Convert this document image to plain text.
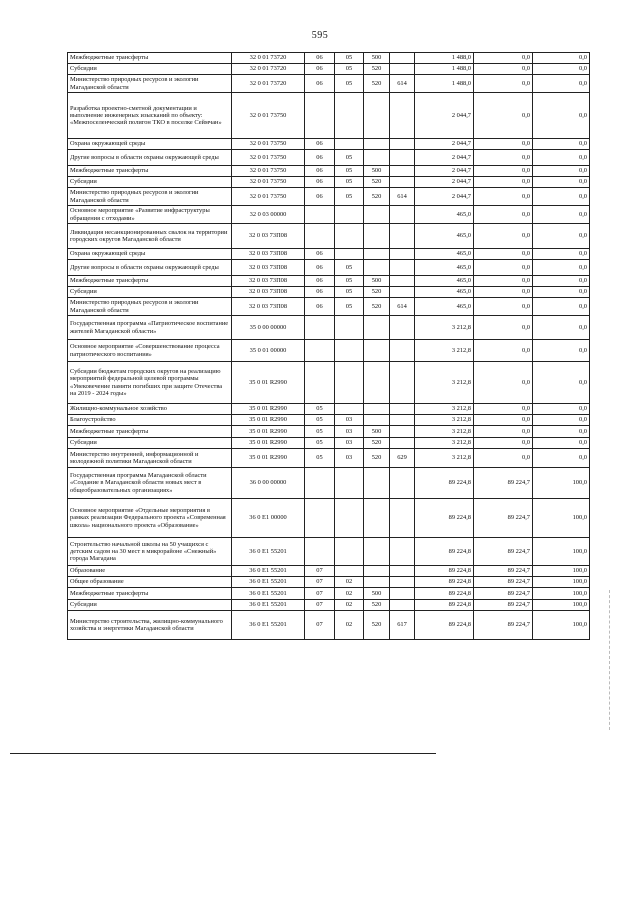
595
Межбюджетные трансферты	32 0 01 73720	06	05	500		1 488,0	0,0	0,0
Субсидии	32 0 01 73720	06	05	520		1 488,0	0,0	0,0
Министерство природных ресурсов и экологии Магаданской области	32 0 01 73720	06	05	520	614	1 488,0	0,0	0,0
Разработка проектно-сметной документации и выполнение инженерных изысканий по объекту: «Межпоселенческий полигон ТКО в поселке Сеймчан»	32 0 01 73750					2 044,7	0,0	0,0
Охрана окружающей среды	32 0 01 73750	06				2 044,7	0,0	0,0
Другие вопросы в области охраны окружающей среды	32 0 01 73750	06	05			2 044,7	0,0	0,0
Межбюджетные трансферты	32 0 01 73750	06	05	500		2 044,7	0,0	0,0
Субсидии	32 0 01 73750	06	05	520		2 044,7	0,0	0,0
Министерство природных ресурсов и экологии Магаданской области	32 0 01 73750	06	05	520	614	2 044,7	0,0	0,0
Основное мероприятие «Развитие инфраструктуры обращения с отходами»	32 0 03 00000					465,0	0,0	0,0
Ликвидация несанкционированных свалок на территории городских округов Магаданской области	32 0 03 73П08					465,0	0,0	0,0
Охрана окружающей среды	32 0 03 73П08	06				465,0	0,0	0,0
Другие вопросы в области охраны окружающей среды	32 0 03 73П08	06	05			465,0	0,0	0,0
Межбюджетные трансферты	32 0 03 73П08	06	05	500		465,0	0,0	0,0
Субсидии	32 0 03 73П08	06	05	520		465,0	0,0	0,0
Министерство природных ресурсов и экологии Магаданской области	32 0 03 73П08	06	05	520	614	465,0	0,0	0,0
Государственная программа «Патриотическое воспитание жителей Магаданской области»	35 0 00 00000					3 212,8	0,0	0,0
Основное мероприятие «Совершенствование процесса патриотического воспитания»	35 0 01 00000					3 212,8	0,0	0,0
Субсидии бюджетам городских округов на реализацию мероприятий федеральной целевой программы «Увековечение памяти погибших при защите Отечества на 2019 - 2024 годы»	35 0 01 R2990					3 212,8	0,0	0,0
Жилищно-коммунальное хозяйство	35 0 01 R2990	05				3 212,8	0,0	0,0
Благоустройство	35 0 01 R2990	05	03			3 212,8	0,0	0,0
Межбюджетные трансферты	35 0 01 R2990	05	03	500		3 212,8	0,0	0,0
Субсидии	35 0 01 R2990	05	03	520		3 212,8	0,0	0,0
Министерство внутренней, информационной и молодежной политики Магаданской области	35 0 01 R2990	05	03	520	629	3 212,8	0,0	0,0
Государственная программа Магаданской области «Создание в Магаданской области новых мест в общеобразовательных организациях»	36 0 00 00000					89 224,8	89 224,7	100,0
Основное мероприятие «Отдельные мероприятия в рамках реализации Федерального проекта «Современная школа» национального проекта «Образование»	36 0 E1 00000					89 224,8	89 224,7	100,0
Строительство начальной школы на 50 учащихся с детским садом на 30 мест в микрорайоне «Снежный» города Магадана	36 0 E1 55201					89 224,8	89 224,7	100,0
Образование	36 0 E1 55201	07				89 224,8	89 224,7	100,0
Общее образование	36 0 E1 55201	07	02			89 224,8	89 224,7	100,0
Межбюджетные трансферты	36 0 E1 55201	07	02	500		89 224,8	89 224,7	100,0
Субсидии	36 0 E1 55201	07	02	520		89 224,8	89 224,7	100,0
Министерство строительства, жилищно-коммунального хозяйства и энергетики Магаданской области	36 0 E1 55201	07	02	520	617	89 224,8	89 224,7	100,0
